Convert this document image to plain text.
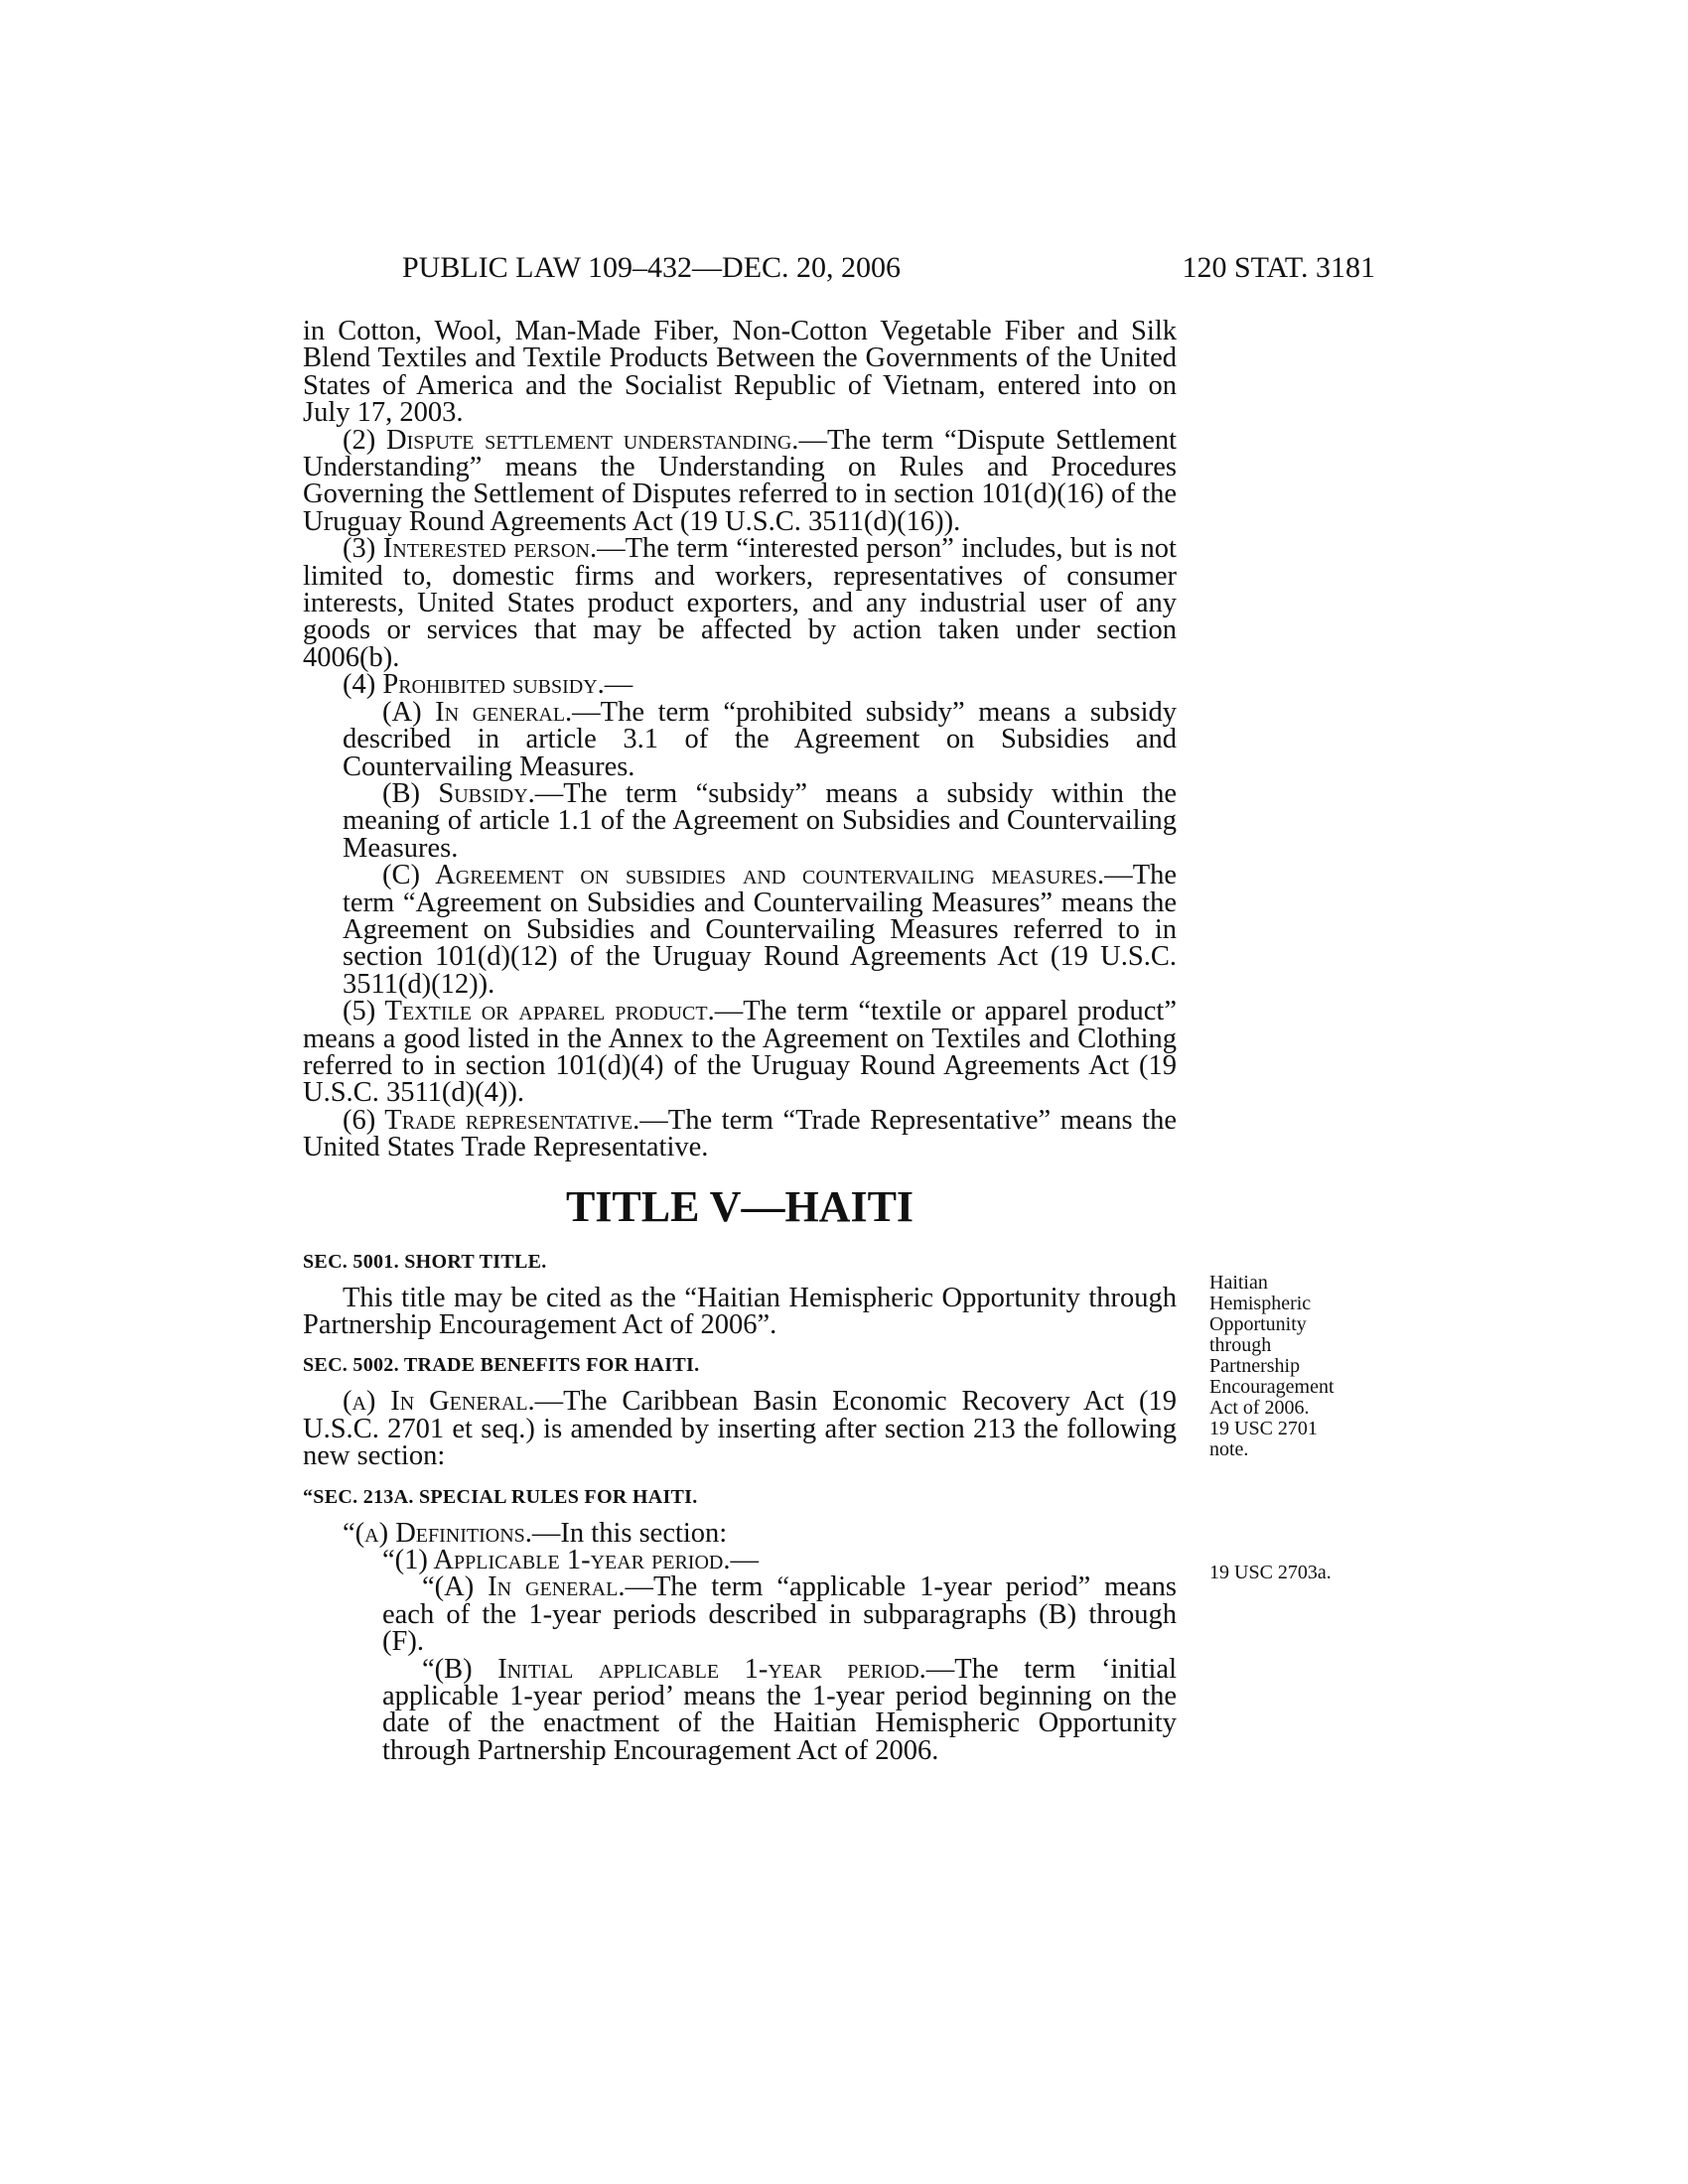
PUBLIC LAW 109–432—DEC. 20, 2006	120 STAT. 3181

in Cotton, Wool, Man-Made Fiber, Non-Cotton Vegetable Fiber and Silk Blend Textiles and Textile Products Between the Governments of the United States of America and the Socialist Republic of Vietnam, entered into on July 17, 2003.

(2) Dispute settlement understanding.—The term “Dispute Settlement Understanding” means the Understanding on Rules and Procedures Governing the Settlement of Disputes referred to in section 101(d)(16) of the Uruguay Round Agreements Act (19 U.S.C. 3511(d)(16)).

(3) Interested person.—The term “interested person” includes, but is not limited to, domestic firms and workers, representatives of consumer interests, United States product exporters, and any industrial user of any goods or services that may be affected by action taken under section 4006(b).

(4) Prohibited subsidy.—

(A) In general.—The term “prohibited subsidy” means a subsidy described in article 3.1 of the Agreement on Subsidies and Countervailing Measures.

(B) Subsidy.—The term “subsidy” means a subsidy within the meaning of article 1.1 of the Agreement on Subsidies and Countervailing Measures.

(C) Agreement on subsidies and countervailing measures.—The term “Agreement on Subsidies and Countervailing Measures” means the Agreement on Subsidies and Countervailing Measures referred to in section 101(d)(12) of the Uruguay Round Agreements Act (19 U.S.C. 3511(d)(12)).

(5) Textile or apparel product.—The term “textile or apparel product” means a good listed in the Annex to the Agreement on Textiles and Clothing referred to in section 101(d)(4) of the Uruguay Round Agreements Act (19 U.S.C. 3511(d)(4)).

(6) Trade representative.—The term “Trade Representative” means the United States Trade Representative.

TITLE V—HAITI
SEC. 5001. SHORT TITLE.

This title may be cited as the “Haitian Hemispheric Opportunity through Partnership Encouragement Act of 2006”.

SEC. 5002. TRADE BENEFITS FOR HAITI.

(a) In General.—The Caribbean Basin Economic Recovery Act (19 U.S.C. 2701 et seq.) is amended by inserting after section 213 the following new section:

“SEC. 213A. SPECIAL RULES FOR HAITI.

“(a) Definitions.—In this section:

“(1) Applicable 1-year period.—

“(A) In general.—The term “applicable 1-year period” means each of the 1-year periods described in subparagraphs (B) through (F).

“(B) Initial applicable 1-year period.—The term ‘initial applicable 1-year period’ means the 1-year period beginning on the date of the enactment of the Haitian Hemispheric Opportunity through Partnership Encouragement Act of 2006.

Haitian
Hemispheric
Opportunity
through
Partnership
Encouragement
Act of 2006.
19 USC 2701
note.
19 USC 2703a.
